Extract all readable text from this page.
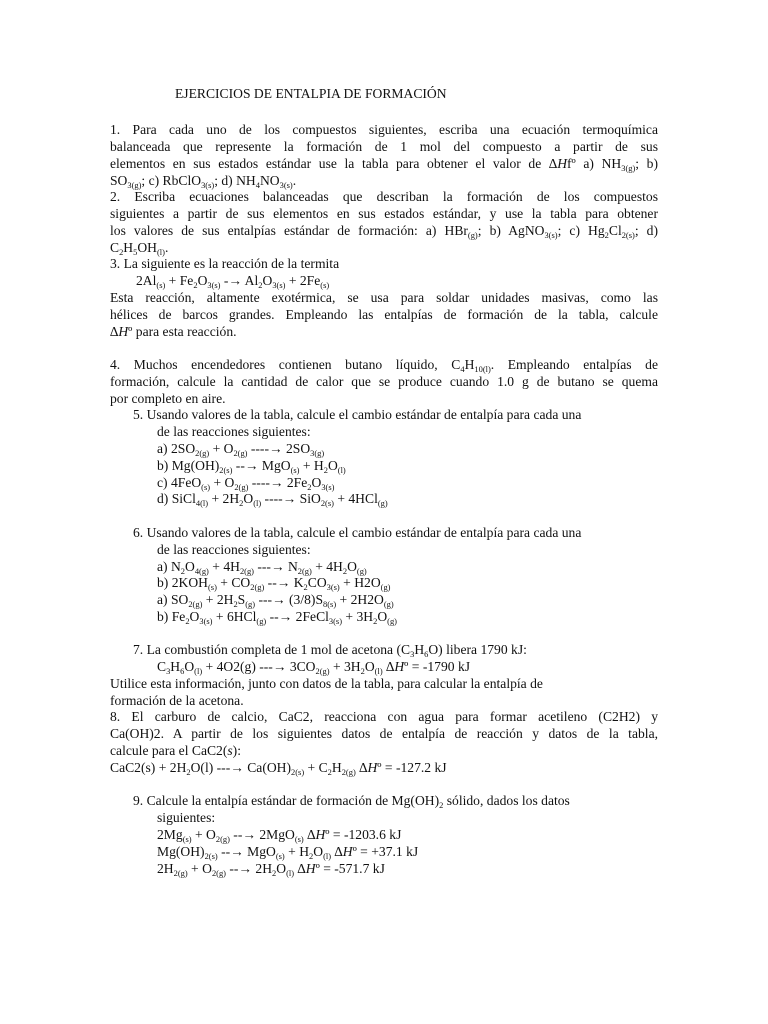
EJERCICIOS DE ENTALPIA DE FORMACIÓN
1. Para cada uno de los compuestos siguientes, escriba una ecuación termoquímica
balanceada que represente la formación de 1 mol del compuesto a partir de sus
elementos en sus estados estándar use la tabla para obtener el valor de ∆Hfº a) $NH_{3(g)}$; b)
$SO_{3(g)}$; c) RbClO$_{3(s)}$; d) $NH_4NO_{3(s)}$.
2. Escriba ecuaciones balanceadas que describan la formación de los compuestos
siguientes a partir de sus elementos en sus estados estándar, y use la tabla para obtener
los valores de sus entalpías estándar de formación: a) HBr$_{(g)}$; b) AgNO$_{3(s)}$; c) $Hg_2Cl_{2(s)}$; d)
$C_2H_5OH_{(l)}$.
3. La siguiente es la reacción de la termita
$2Al_{(s)} + Fe_2O_{3(s)} -\to Al_2O_{3(s)} + 2Fe_{(s)}$
Esta reacción, altamente exotérmica, se usa para soldar unidades masivas, como las
hélices de barcos grandes. Empleando las entalpías de formación de la tabla, calcule
∆Hº para esta reacción.
4. Muchos encendedores contienen butano líquido, $C_4H_{10(l)}$. Empleando entalpías de
formación, calcule la cantidad de calor que se produce cuando 1.0 g de butano se quema
por completo en aire.
5. Usando valores de la tabla, calcule el cambio estándar de entalpía para cada una
de las reacciones siguientes:
a) $2SO_{2(g)} + O_{2(g)}$ ----→ $2SO_{3(g)}$
b) $Mg(OH)_{2(s)}$ --→ $MgO_{(s)} + H_2O_{(l)}$
c) $4FeO_{(s)} + O_{2(g)}$ ----→ $2Fe_2O_{3(s)}$
d) SiCl$_{4(l)}$ + $2H_2O_{(l)}$ ----→ SiO$_{2(s)}$ + 4HCl$_{(g)}$
6. Usando valores de la tabla, calcule el cambio estándar de entalpía para cada una
de las reacciones siguientes:
a) $N_2O_{4(g)} + 4H_{2(g)}$ ---→ $N_{2(g)} + 4H_2O_{(g)}$
b) $2KOH_{(s)} + CO_{2(g)}$ --→ $K_2CO_{3(s)} + H2O_{(g)}$
a) $SO_{2(g)} + 2H_2S_{(g)}$ ---→ $(3/8)S_{8(s)} + 2H2O_{(g)}$
b) $Fe_2O_{3(s)} + 6HCl_{(g)}$ --→ 2FeCl$_{3(s)}$ + $3H_2O_{(g)}$
7. La combustión completa de 1 mol de acetona $(C_3H_6O)$ libera 1790 kJ:
$C_3H_6O_{(l)} + 4O2(g)$ ---→ $3CO_{2(g)} + 3H_2O_{(l)}$ ∆Hº = -1790 kJ
Utilice esta información, junto con datos de la tabla, para calcular la entalpía de
formación de la acetona.
8. El carburo de calcio, CaC2, reacciona con agua para formar acetileno (C2H2) y
Ca(OH)2. A partir de los siguientes datos de entalpía de reacción y datos de la tabla,
calcule para el CaC2(s):
$CaC2(s) + 2H_2O(l)$ ---→ $Ca(OH)_{2(s)} + C_2H_{2(g)}$ ∆Hº = -127.2 kJ
9. Calcule la entalpía estándar de formación de $Mg(OH)_2$ sólido, dados los datos
siguientes:
$2Mg_{(s)} + O_{2(g)}$ --→ 2MgO$_{(s)}$ ∆Hº = -1203.6 kJ
$Mg(OH)_{2(s)}$ --→ $MgO_{(s)} + H_2O_{(l)}$ ∆Hº = +37.1 kJ
$2H_{2(g)} + O_{2(g)}$ --→ $2H_2O_{(l)}$ ∆Hº = -571.7 kJ
